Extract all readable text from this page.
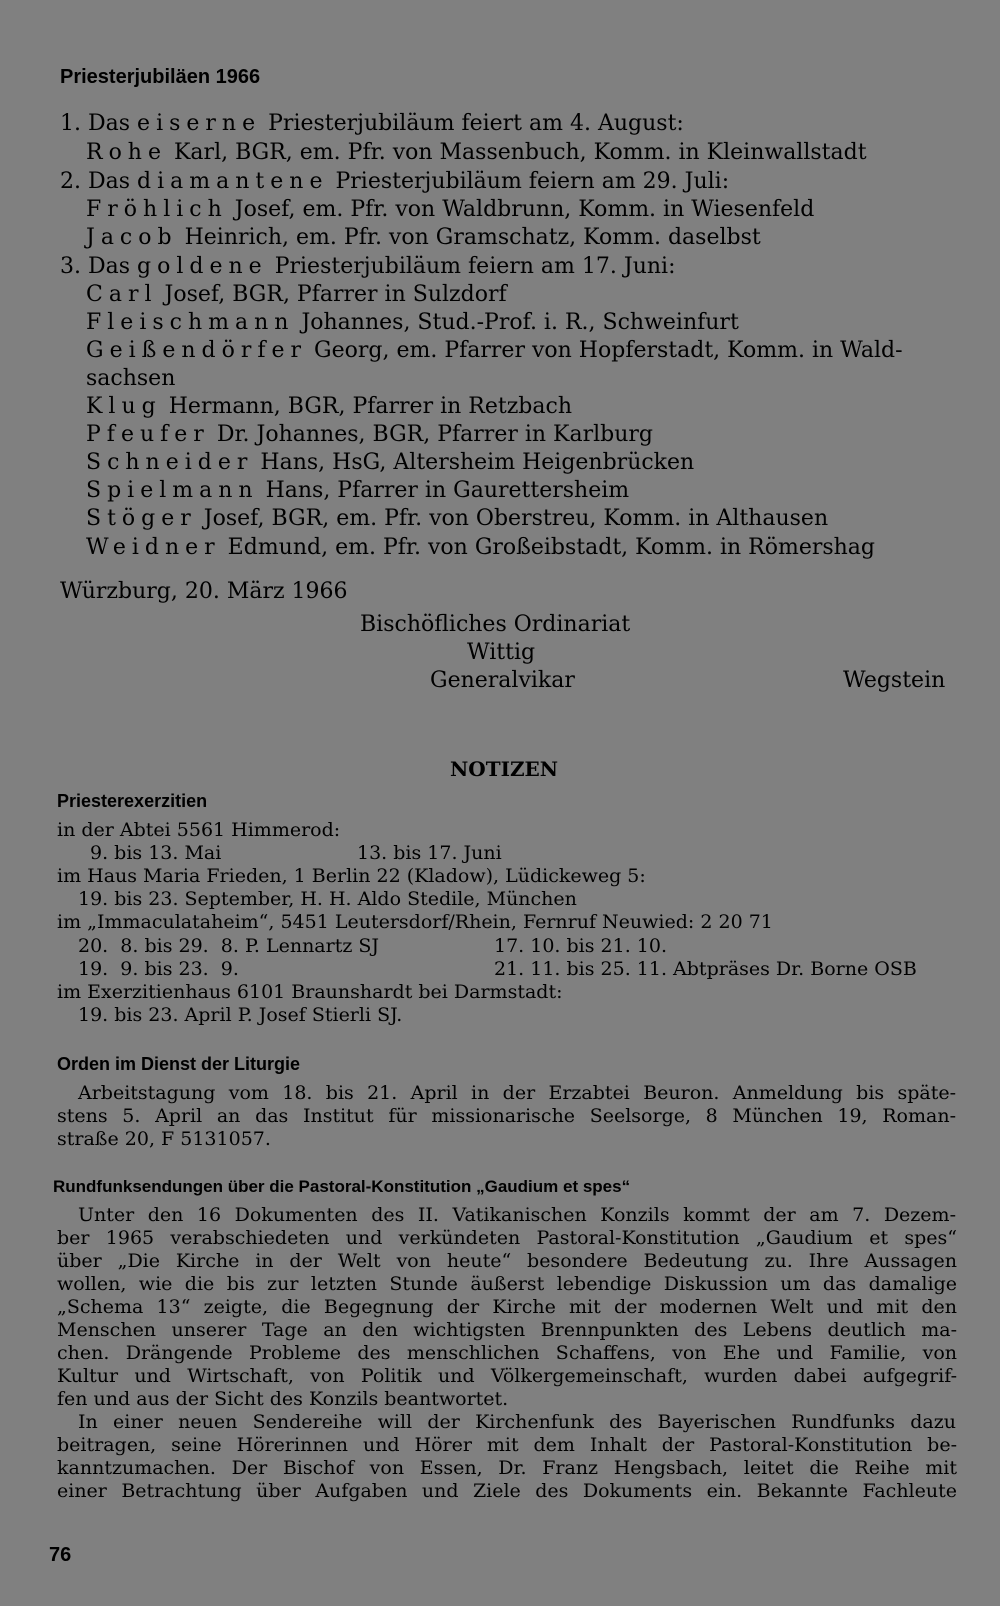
Priesterjubiläen 1966
1. Das eiserne Priesterjubiläum feiert am 4. August:
Rohe Karl, BGR, em. Pfr. von Massenbuch, Komm. in Kleinwallstadt
2. Das diamantene Priesterjubiläum feiern am 29. Juli:
Fröhlich Josef, em. Pfr. von Waldbrunn, Komm. in Wiesenfeld
Jacob Heinrich, em. Pfr. von Gramschatz, Komm. daselbst
3. Das goldene Priesterjubiläum feiern am 17. Juni:
Carl Josef, BGR, Pfarrer in Sulzdorf
Fleischmann Johannes, Stud.-Prof. i. R., Schweinfurt
Geißendörfer Georg, em. Pfarrer von Hopferstadt, Komm. in Wald-
sachsen
Klug Hermann, BGR, Pfarrer in Retzbach
Pfeufer Dr. Johannes, BGR, Pfarrer in Karlburg
Schneider Hans, HsG, Altersheim Heigenbrücken
Spielmann Hans, Pfarrer in Gaurettersheim
Stöger Josef, BGR, em. Pfr. von Oberstreu, Komm. in Althausen
Weidner Edmund, em. Pfr. von Großeibstadt, Komm. in Römershag
Würzburg, 20. März 1966
Bischöfliches Ordinariat
Wittig
Generalvikar	Wegstein
NOTIZEN
Priesterexerzitien
in der Abtei 5561 Himmerod:
9. bis 13. Mai	13. bis 17. Juni
im Haus Maria Frieden, 1 Berlin 22 (Kladow), Lüdickeweg 5:
19. bis 23. September, H. H. Aldo Stedile, München
im „Immaculataheim“, 5451 Leutersdorf/Rhein, Fernruf Neuwied: 2 20 71
20.  8. bis 29.  8. P. Lennartz SJ	17. 10. bis 21. 10.
19.  9. bis 23.  9.	21. 11. bis 25. 11. Abtpräses Dr. Borne OSB
im Exerzitienhaus 6101 Braunshardt bei Darmstadt:
19. bis 23. April P. Josef Stierli SJ.
Orden im Dienst der Liturgie
Arbeitstagung vom 18. bis 21. April in der Erzabtei Beuron. Anmeldung bis späte-
stens 5. April an das Institut für missionarische Seelsorge, 8 München 19, Roman-
straße 20, F 5131057.
Rundfunksendungen über die Pastoral-Konstitution „Gaudium et spes“
Unter den 16 Dokumenten des II. Vatikanischen Konzils kommt der am 7. Dezem-
ber 1965 verabschiedeten und verkündeten Pastoral-Konstitution „Gaudium et spes“
über „Die Kirche in der Welt von heute“ besondere Bedeutung zu. Ihre Aussagen
wollen, wie die bis zur letzten Stunde äußerst lebendige Diskussion um das damalige
„Schema 13“ zeigte, die Begegnung der Kirche mit der modernen Welt und mit den
Menschen unserer Tage an den wichtigsten Brennpunkten des Lebens deutlich ma-
chen. Drängende Probleme des menschlichen Schaffens, von Ehe und Familie, von
Kultur und Wirtschaft, von Politik und Völkergemeinschaft, wurden dabei aufgegrif-
fen und aus der Sicht des Konzils beantwortet.
In einer neuen Sendereihe will der Kirchenfunk des Bayerischen Rundfunks dazu
beitragen, seine Hörerinnen und Hörer mit dem Inhalt der Pastoral-Konstitution be-
kanntzumachen. Der Bischof von Essen, Dr. Franz Hengsbach, leitet die Reihe mit
einer Betrachtung über Aufgaben und Ziele des Dokuments ein. Bekannte Fachleute
76
